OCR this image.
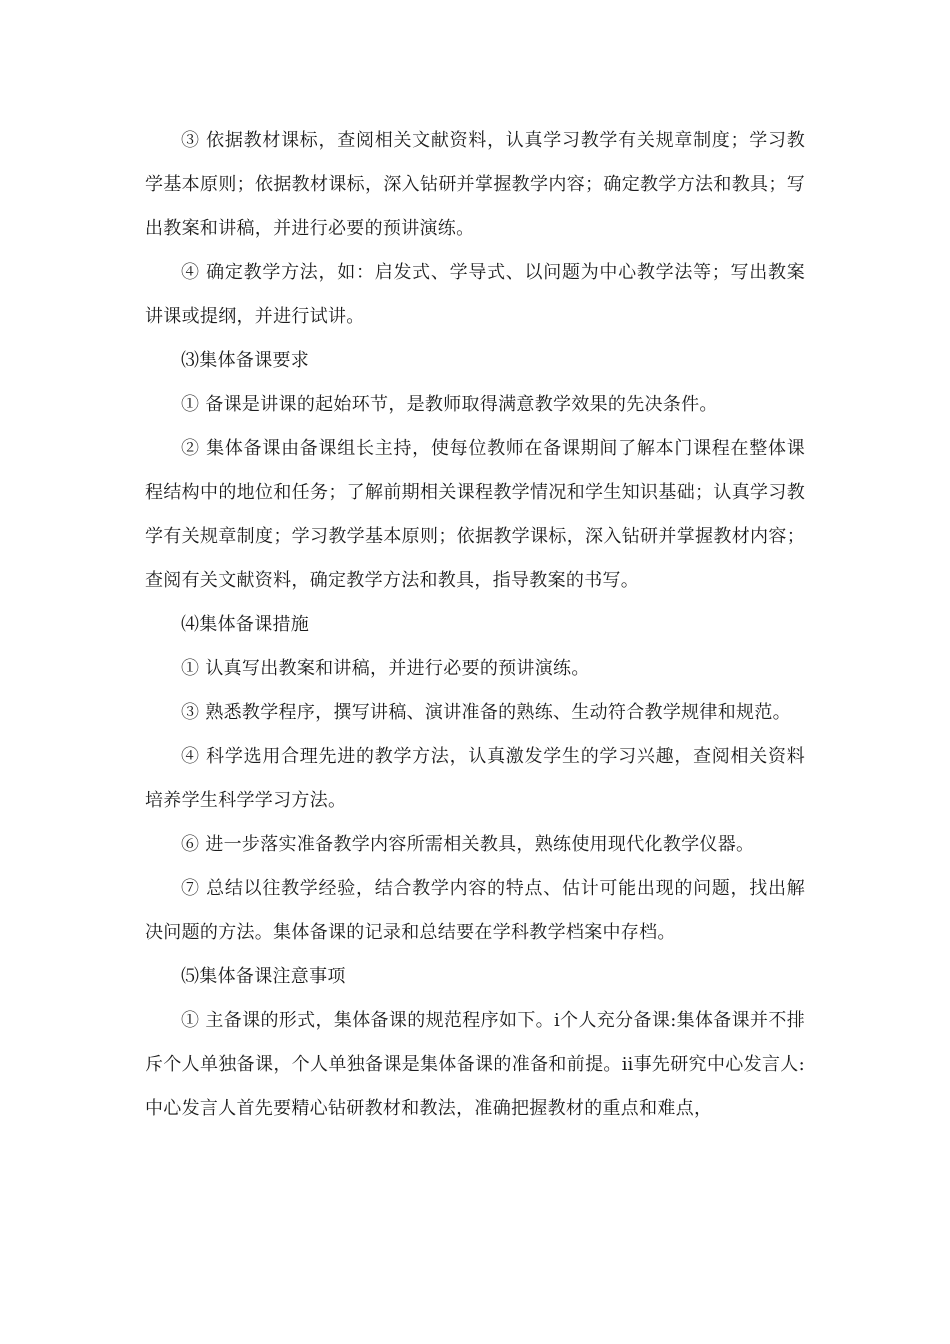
③ 依据教材课标，查阅相关文献资料，认真学习教学有关规章制度；学习教学基本原则；依据教材课标，深入钻研并掌握教学内容；确定教学方法和教具；写出教案和讲稿，并进行必要的预讲演练。

④ 确定教学方法，如：启发式、学导式、以问题为中心教学法等；写出教案讲课或提纲，并进行试讲。

⑶集体备课要求

① 备课是讲课的起始环节，是教师取得满意教学效果的先决条件。

② 集体备课由备课组长主持，使每位教师在备课期间了解本门课程在整体课程结构中的地位和任务；了解前期相关课程教学情况和学生知识基础；认真学习教学有关规章制度；学习教学基本原则；依据教学课标，深入钻研并掌握教材内容；查阅有关文献资料，确定教学方法和教具，指导教案的书写。

⑷集体备课措施

① 认真写出教案和讲稿，并进行必要的预讲演练。

③ 熟悉教学程序，撰写讲稿、演讲准备的熟练、生动符合教学规律和规范。

④ 科学选用合理先进的教学方法，认真激发学生的学习兴趣，查阅相关资料培养学生科学学习方法。

⑥ 进一步落实准备教学内容所需相关教具，熟练使用现代化教学仪器。

⑦ 总结以往教学经验，结合教学内容的特点、估计可能出现的问题，找出解决问题的方法。集体备课的记录和总结要在学科教学档案中存档。

⑸集体备课注意事项

① 主备课的形式，集体备课的规范程序如下。ⅰ个人充分备课:集体备课并不排斥个人单独备课，个人单独备课是集体备课的准备和前提。ⅱ事先研究中心发言人:中心发言人首先要精心钻研教材和教法，准确把握教材的重点和难点，
